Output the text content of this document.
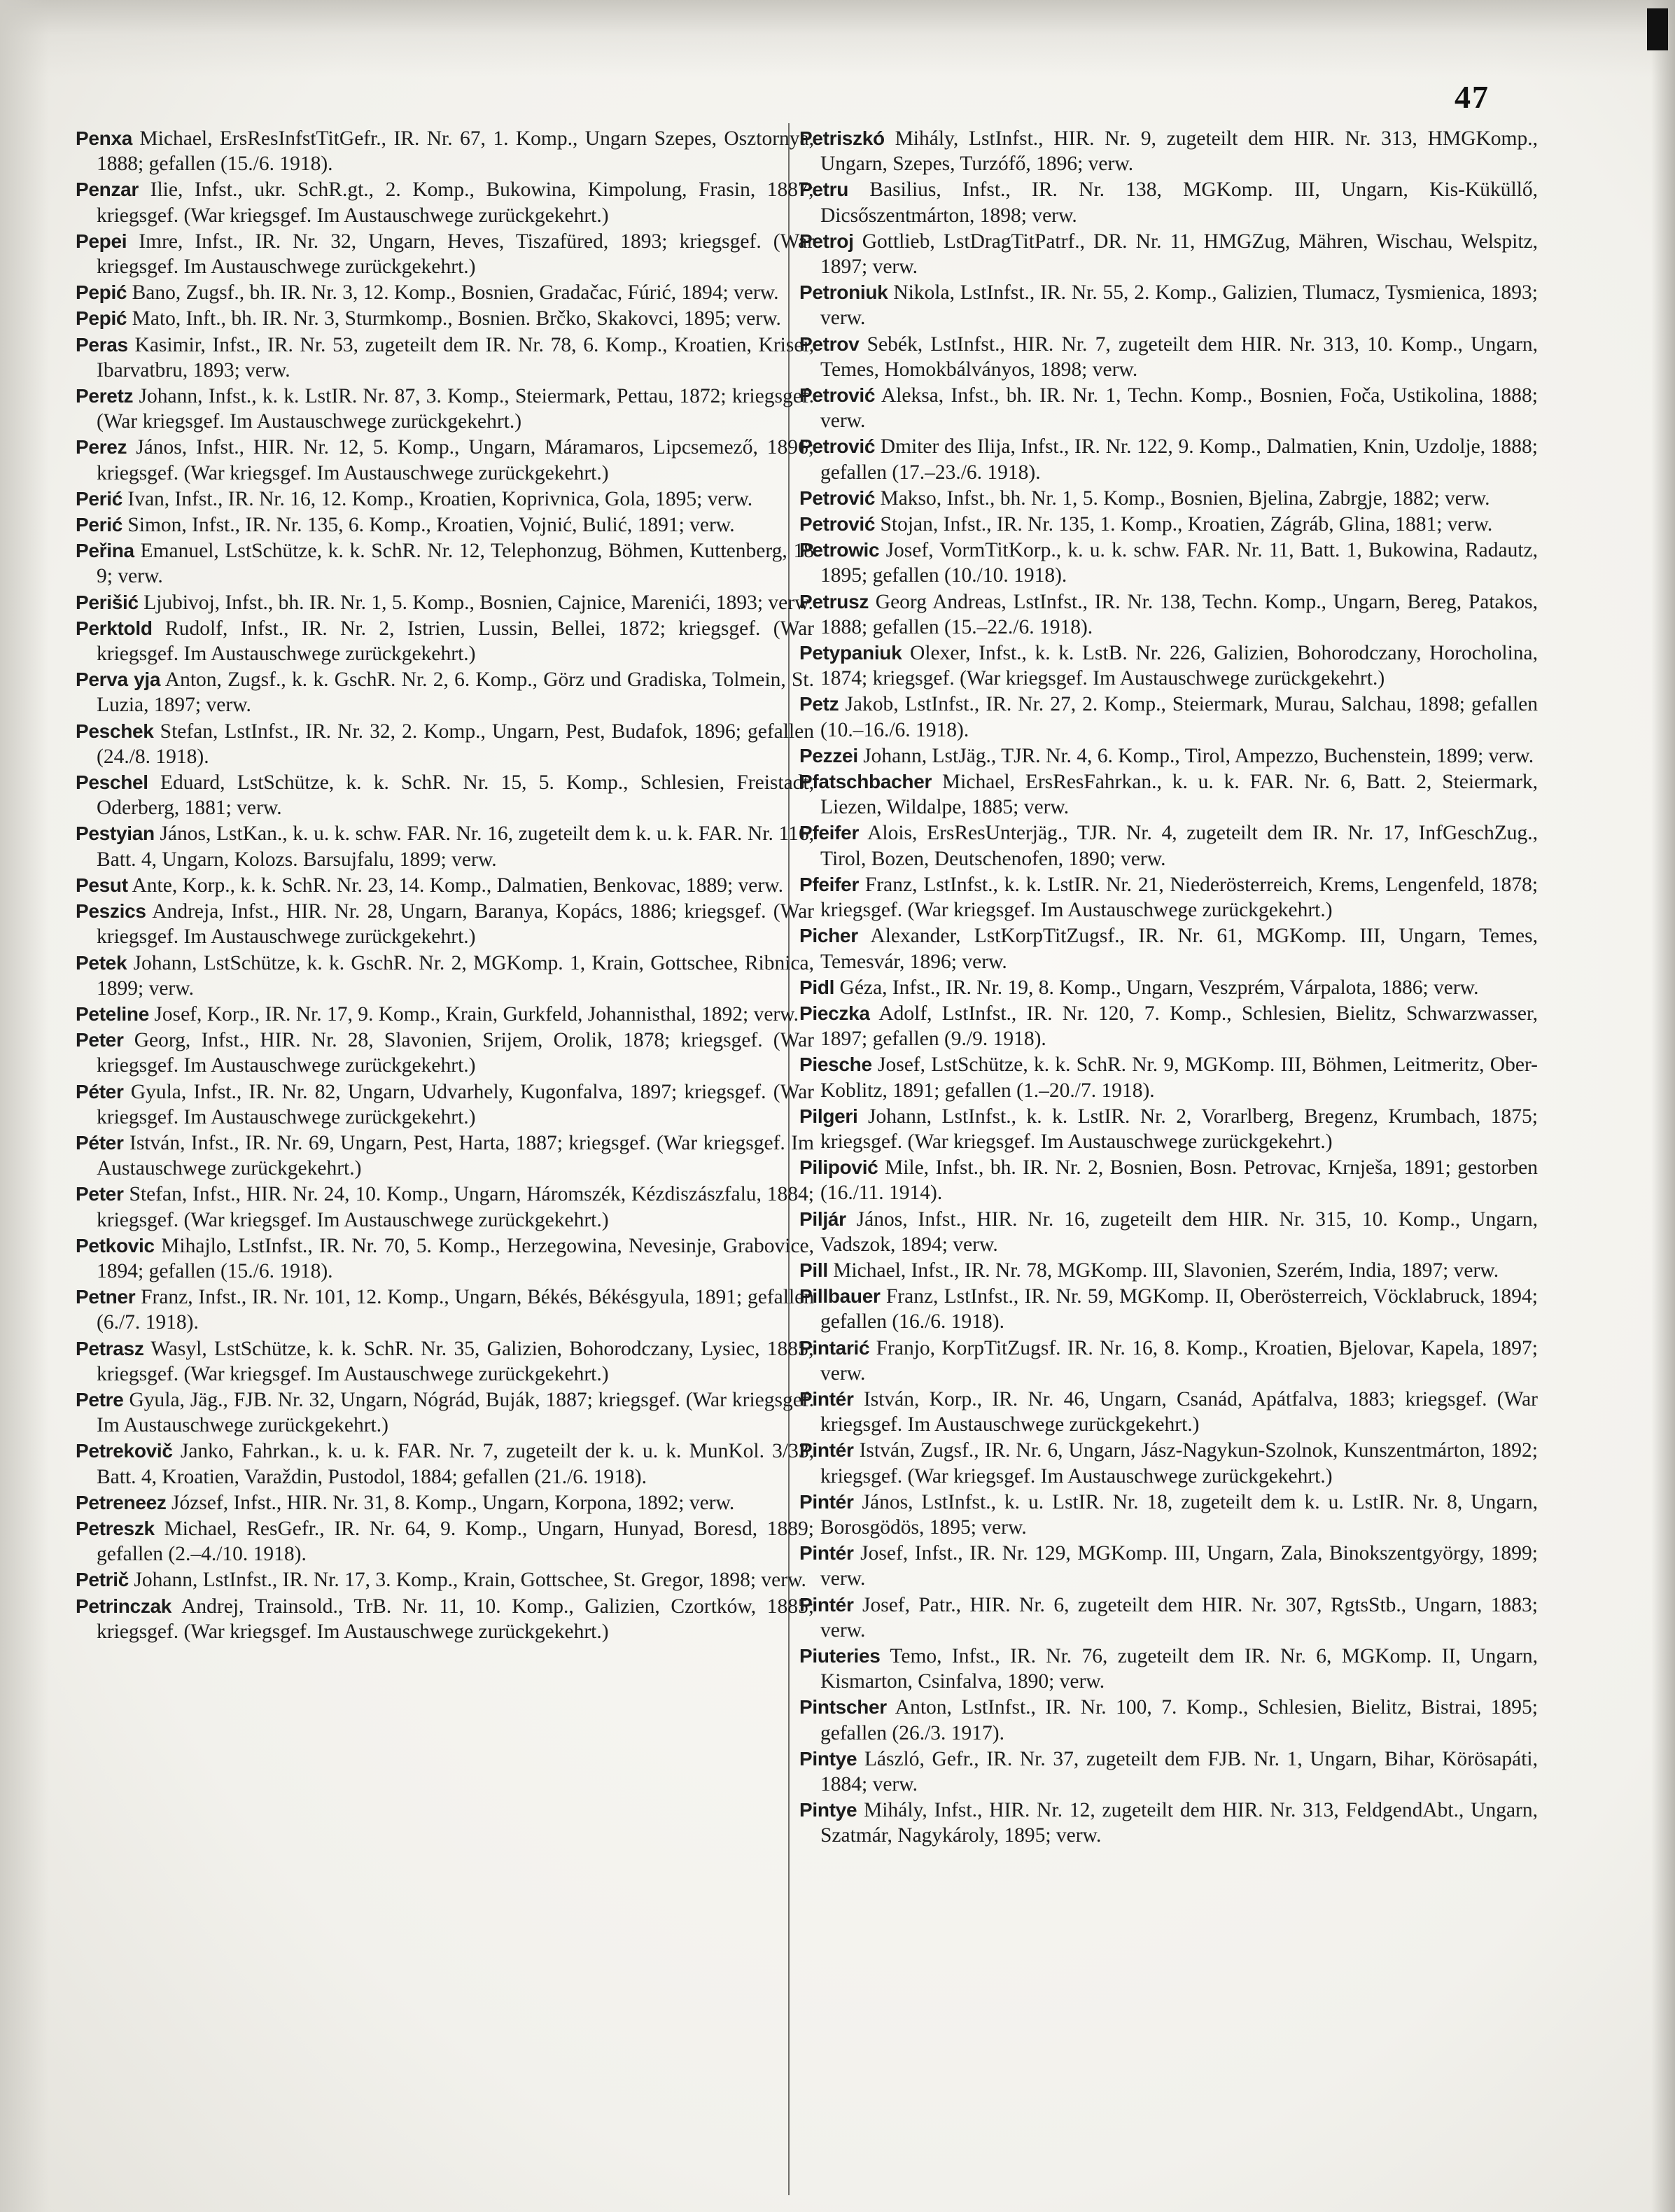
47

Penxa Michael, ErsResInfstTitGefr., IR. Nr. 67, 1. Komp., Ungarn Szepes, Osztornya, 1888; gefallen (15./6. 1918).

Penzar Ilie, Infst., ukr. SchR.gt., 2. Komp., Bukowina, Kimpolung, Frasin, 1887; kriegsgef. (War kriegsgef. Im Austauschwege zurückgekehrt.)

Pepei Imre, Infst., IR. Nr. 32, Ungarn, Heves, Tiszafüred, 1893; kriegsgef. (War kriegsgef. Im Austauschwege zurückgekehrt.)

Pepić Bano, Zugsf., bh. IR. Nr. 3, 12. Komp., Bosnien, Gradačac, Fúrić, 1894; verw.

Pepić Mato, Inft., bh. IR. Nr. 3, Sturmkomp., Bosnien. Brčko, Skakovci, 1895; verw.

Peras Kasimir, Infst., IR. Nr. 53, zugeteilt dem IR. Nr. 78, 6. Komp., Kroatien, Krisei, Ibarvatbru, 1893; verw.

Peretz Johann, Infst., k. k. LstIR. Nr. 87, 3. Komp., Steiermark, Pettau, 1872; kriegsgef. (War kriegsgef. Im Austauschwege zurückgekehrt.)

Perez János, Infst., HIR. Nr. 12, 5. Komp., Ungarn, Máramaros, Lipcsemező, 1896; kriegsgef. (War kriegsgef. Im Austauschwege zurückgekehrt.)

Perić Ivan, Infst., IR. Nr. 16, 12. Komp., Kroatien, Koprivnica, Gola, 1895; verw.

Perić Simon, Infst., IR. Nr. 135, 6. Komp., Kroatien, Vojnić, Bulić, 1891; verw.

Peřina Emanuel, LstSchütze, k. k. SchR. Nr. 12, Telephonzug, Böhmen, Kuttenberg, 18 9; verw.

Perišić Ljubivoj, Infst., bh. IR. Nr. 1, 5. Komp., Bosnien, Cajnice, Marenići, 1893; verw.

Perktold Rudolf, Infst., IR. Nr. 2, Istrien, Lussin, Bellei, 1872; kriegsgef. (War kriegsgef. Im Austauschwege zurückgekehrt.)

Perva yja Anton, Zugsf., k. k. GschR. Nr. 2, 6. Komp., Görz und Gradiska, Tolmein, St. Luzia, 1897; verw.

Peschek Stefan, LstInfst., IR. Nr. 32, 2. Komp., Ungarn, Pest, Budafok, 1896; gefallen (24./8. 1918).

Peschel Eduard, LstSchütze, k. k. SchR. Nr. 15, 5. Komp., Schlesien, Freistadt, Oderberg, 1881; verw.

Pestyian János, LstKan., k. u. k. schw. FAR. Nr. 16, zugeteilt dem k. u. k. FAR. Nr. 116, Batt. 4, Ungarn, Kolozs. Barsujfalu, 1899; verw.

Pesut Ante, Korp., k. k. SchR. Nr. 23, 14. Komp., Dalmatien, Benkovac, 1889; verw.

Peszics Andreja, Infst., HIR. Nr. 28, Ungarn, Baranya, Kopács, 1886; kriegsgef. (War kriegsgef. Im Austauschwege zurückgekehrt.)

Petek Johann, LstSchütze, k. k. GschR. Nr. 2, MGKomp. 1, Krain, Gottschee, Ribnica, 1899; verw.

Peteline Josef, Korp., IR. Nr. 17, 9. Komp., Krain, Gurkfeld, Johannisthal, 1892; verw.

Peter Georg, Infst., HIR. Nr. 28, Slavonien, Srijem, Orolik, 1878; kriegsgef. (War kriegsgef. Im Austauschwege zurückgekehrt.)

Péter Gyula, Infst., IR. Nr. 82, Ungarn, Udvarhely, Kugonfalva, 1897; kriegsgef. (War kriegsgef. Im Austauschwege zurückgekehrt.)

Péter István, Infst., IR. Nr. 69, Ungarn, Pest, Harta, 1887; kriegsgef. (War kriegsgef. Im Austauschwege zurückgekehrt.)

Peter Stefan, Infst., HIR. Nr. 24, 10. Komp., Ungarn, Háromszék, Kézdiszászfalu, 1884; kriegsgef. (War kriegsgef. Im Austauschwege zurückgekehrt.)

Petkovic Mihajlo, LstInfst., IR. Nr. 70, 5. Komp., Herzegowina, Nevesinje, Grabovice, 1894; gefallen (15./6. 1918).

Petner Franz, Infst., IR. Nr. 101, 12. Komp., Ungarn, Békés, Békésgyula, 1891; gefallen (6./7. 1918).

Petrasz Wasyl, LstSchütze, k. k. SchR. Nr. 35, Galizien, Bohorodczany, Lysiec, 1885; kriegsgef. (War kriegsgef. Im Austauschwege zurückgekehrt.)

Petre Gyula, Jäg., FJB. Nr. 32, Ungarn, Nógrád, Buják, 1887; kriegsgef. (War kriegsgef. Im Austauschwege zurückgekehrt.)

Petrekovič Janko, Fahrkan., k. u. k. FAR. Nr. 7, zugeteilt der k. u. k. MunKol. 3/33, Batt. 4, Kroatien, Varaždin, Pustodol, 1884; gefallen (21./6. 1918).

Petreneez József, Infst., HIR. Nr. 31, 8. Komp., Ungarn, Korpona, 1892; verw.

Petreszk Michael, ResGefr., IR. Nr. 64, 9. Komp., Ungarn, Hunyad, Boresd, 1889; gefallen (2.–4./10. 1918).

Petrič Johann, LstInfst., IR. Nr. 17, 3. Komp., Krain, Gottschee, St. Gregor, 1898; verw.

Petrinczak Andrej, Trainsold., TrB. Nr. 11, 10. Komp., Galizien, Czortków, 1885; kriegsgef. (War kriegsgef. Im Austauschwege zurückgekehrt.)

Petriszkó Mihály, LstInfst., HIR. Nr. 9, zugeteilt dem HIR. Nr. 313, HMGKomp., Ungarn, Szepes, Turzófő, 1896; verw.

Petru Basilius, Infst., IR. Nr. 138, MGKomp. III, Ungarn, Kis-Küküllő, Dicsőszentmárton, 1898; verw.

Petroj Gottlieb, LstDragTitPatrf., DR. Nr. 11, HMGZug, Mähren, Wischau, Welspitz, 1897; verw.

Petroniuk Nikola, LstInfst., IR. Nr. 55, 2. Komp., Galizien, Tlumacz, Tysmienica, 1893; verw.

Petrov Sebék, LstInfst., HIR. Nr. 7, zugeteilt dem HIR. Nr. 313, 10. Komp., Ungarn, Temes, Homokbálványos, 1898; verw.

Petrović Aleksa, Infst., bh. IR. Nr. 1, Techn. Komp., Bosnien, Foča, Ustikolina, 1888; verw.

Petrović Dmiter des Ilija, Infst., IR. Nr. 122, 9. Komp., Dalmatien, Knin, Uzdolje, 1888; gefallen (17.–23./6. 1918).

Petrović Makso, Infst., bh. Nr. 1, 5. Komp., Bosnien, Bjelina, Zabrgje, 1882; verw.

Petrović Stojan, Infst., IR. Nr. 135, 1. Komp., Kroatien, Zágráb, Glina, 1881; verw.

Petrowic Josef, VormTitKorp., k. u. k. schw. FAR. Nr. 11, Batt. 1, Bukowina, Radautz, 1895; gefallen (10./10. 1918).

Petrusz Georg Andreas, LstInfst., IR. Nr. 138, Techn. Komp., Ungarn, Bereg, Patakos, 1888; gefallen (15.–22./6. 1918).

Petypaniuk Olexer, Infst., k. k. LstB. Nr. 226, Galizien, Bohorodczany, Horocholina, 1874; kriegsgef. (War kriegsgef. Im Austauschwege zurückgekehrt.)

Petz Jakob, LstInfst., IR. Nr. 27, 2. Komp., Steiermark, Murau, Salchau, 1898; gefallen (10.–16./6. 1918).

Pezzei Johann, LstJäg., TJR. Nr. 4, 6. Komp., Tirol, Ampezzo, Buchenstein, 1899; verw.

Pfatschbacher Michael, ErsResFahrkan., k. u. k. FAR. Nr. 6, Batt. 2, Steiermark, Liezen, Wildalpe, 1885; verw.

Pfeifer Alois, ErsResUnterjäg., TJR. Nr. 4, zugeteilt dem IR. Nr. 17, InfGeschZug., Tirol, Bozen, Deutschenofen, 1890; verw.

Pfeifer Franz, LstInfst., k. k. LstIR. Nr. 21, Niederösterreich, Krems, Lengenfeld, 1878; kriegsgef. (War kriegsgef. Im Austauschwege zurückgekehrt.)

Picher Alexander, LstKorpTitZugsf., IR. Nr. 61, MGKomp. III, Ungarn, Temes, Temesvár, 1896; verw.

Pidl Géza, Infst., IR. Nr. 19, 8. Komp., Ungarn, Veszprém, Várpalota, 1886; verw.

Pieczka Adolf, LstInfst., IR. Nr. 120, 7. Komp., Schlesien, Bielitz, Schwarzwasser, 1897; gefallen (9./9. 1918).

Piesche Josef, LstSchütze, k. k. SchR. Nr. 9, MGKomp. III, Böhmen, Leitmeritz, Ober-Koblitz, 1891; gefallen (1.–20./7. 1918).

Pilgeri Johann, LstInfst., k. k. LstIR. Nr. 2, Vorarlberg, Bregenz, Krumbach, 1875; kriegsgef. (War kriegsgef. Im Austauschwege zurückgekehrt.)

Pilipović Mile, Infst., bh. IR. Nr. 2, Bosnien, Bosn. Petrovac, Krnješa, 1891; gestorben (16./11. 1914).

Piljár János, Infst., HIR. Nr. 16, zugeteilt dem HIR. Nr. 315, 10. Komp., Ungarn, Vadszok, 1894; verw.

Pill Michael, Infst., IR. Nr. 78, MGKomp. III, Slavonien, Szerém, India, 1897; verw.

Pillbauer Franz, LstInfst., IR. Nr. 59, MGKomp. II, Oberösterreich, Vöcklabruck, 1894; gefallen (16./6. 1918).

Pintarić Franjo, KorpTitZugsf. IR. Nr. 16, 8. Komp., Kroatien, Bjelovar, Kapela, 1897; verw.

Pintér István, Korp., IR. Nr. 46, Ungarn, Csanád, Apátfalva, 1883; kriegsgef. (War kriegsgef. Im Austauschwege zurückgekehrt.)

Pintér István, Zugsf., IR. Nr. 6, Ungarn, Jász-Nagykun-Szolnok, Kunszentmárton, 1892; kriegsgef. (War kriegsgef. Im Austauschwege zurückgekehrt.)

Pintér János, LstInfst., k. u. LstIR. Nr. 18, zugeteilt dem k. u. LstIR. Nr. 8, Ungarn, Borosgödös, 1895; verw.

Pintér Josef, Infst., IR. Nr. 129, MGKomp. III, Ungarn, Zala, Binokszentgyörgy, 1899; verw.

Pintér Josef, Patr., HIR. Nr. 6, zugeteilt dem HIR. Nr. 307, RgtsStb., Ungarn, 1883; verw.

Piuteries Temo, Infst., IR. Nr. 76, zugeteilt dem IR. Nr. 6, MGKomp. II, Ungarn, Kismarton, Csinfalva, 1890; verw.

Pintscher Anton, LstInfst., IR. Nr. 100, 7. Komp., Schlesien, Bielitz, Bistrai, 1895; gefallen (26./3. 1917).

Pintye László, Gefr., IR. Nr. 37, zugeteilt dem FJB. Nr. 1, Ungarn, Bihar, Körösapáti, 1884; verw.

Pintye Mihály, Infst., HIR. Nr. 12, zugeteilt dem HIR. Nr. 313, FeldgendAbt., Ungarn, Szatmár, Nagykároly, 1895; verw.
